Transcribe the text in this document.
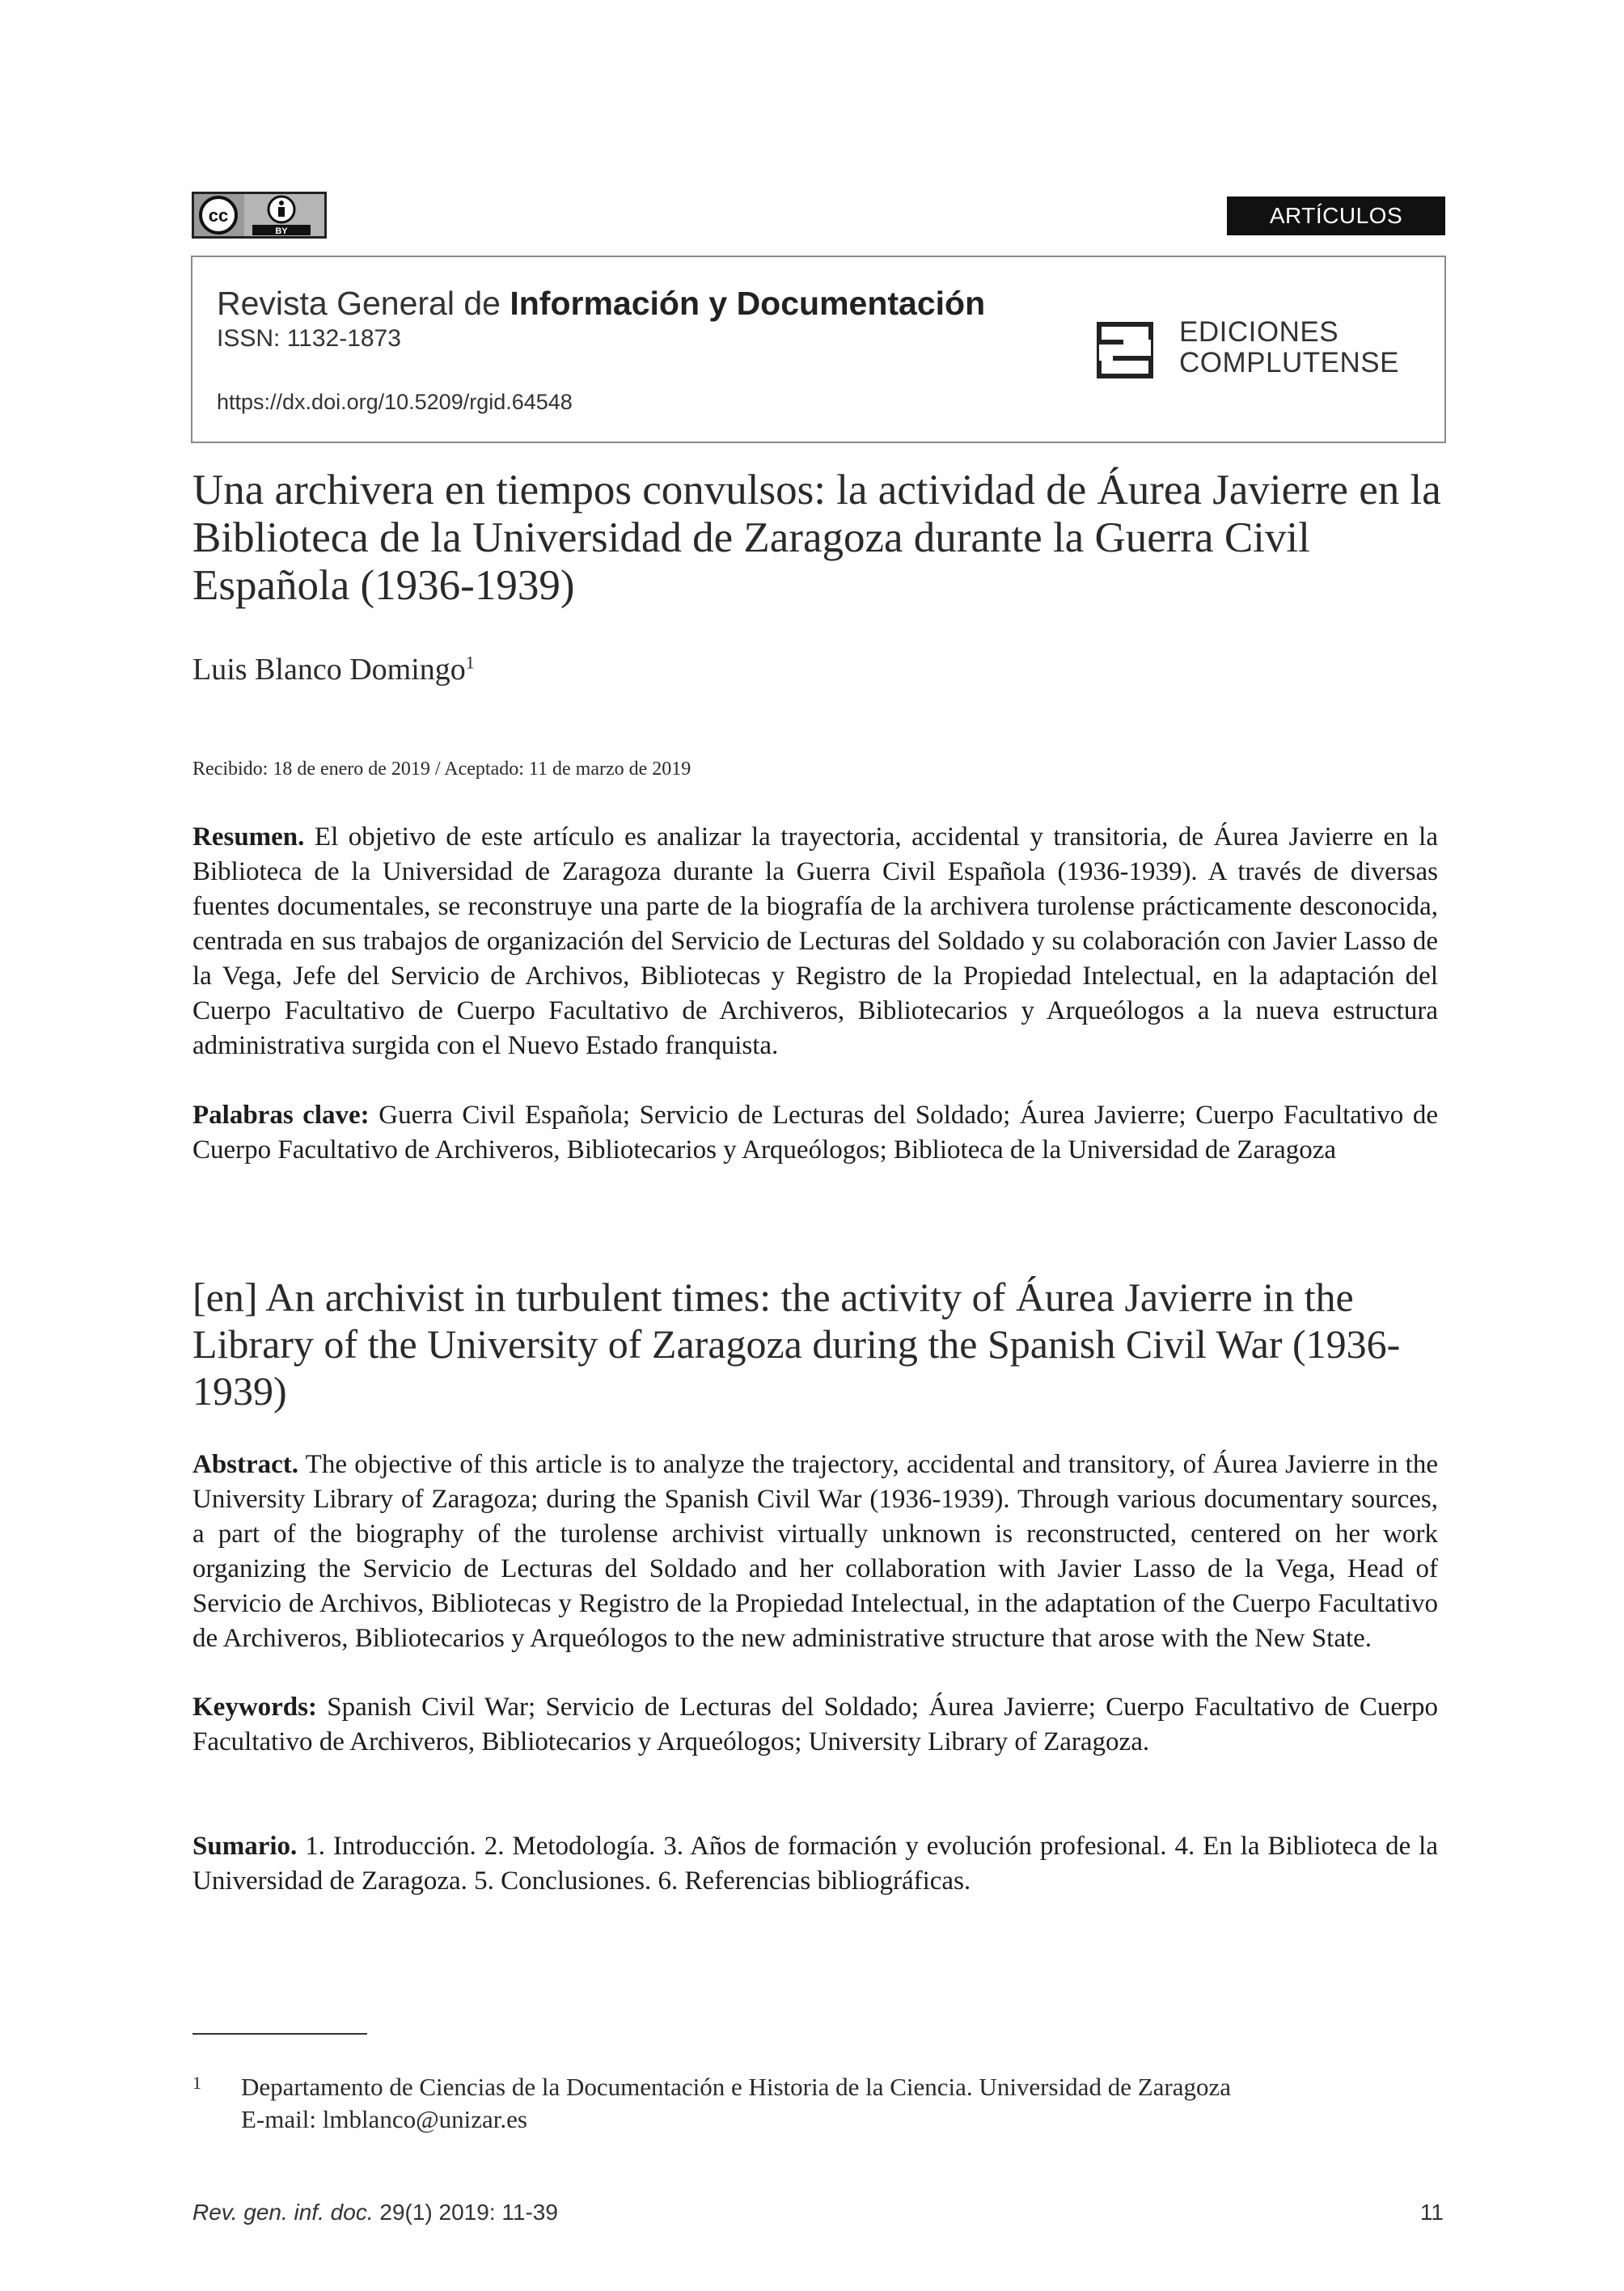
cc
BY
ARTÍCULOS
Revista General de Información y Documentación
ISSN: 1132-1873
https://dx.doi.org/10.5209/rgid.64548
EDICIONES
COMPLUTENSE
Una archivera en tiempos convulsos: la actividad de Áurea Javierre en la Biblioteca de la Universidad de Zaragoza durante la Guerra Civil Española (1936-1939)
Luis Blanco Domingo$^1$
Recibido: 18 de enero de 2019 / Aceptado: 11 de marzo de 2019
Resumen. El objetivo de este artículo es analizar la trayectoria, accidental y transitoria, de Áurea Javierre en la Biblioteca de la Universidad de Zaragoza durante la Guerra Civil Española (1936-1939). A través de diversas fuentes documentales, se reconstruye una parte de la biografía de la archivera turolense prácticamente desconocida, centrada en sus trabajos de organización del Servicio de Lecturas del Soldado y su colaboración con Javier Lasso de la Vega, Jefe del Servicio de Archivos, Bibliotecas y Registro de la Propiedad Intelectual, en la adaptación del Cuerpo Facultativo de Cuerpo Facultativo de Archiveros, Bibliotecarios y Arqueólogos a la nueva estructura administrativa surgida con el Nuevo Estado franquista.
Palabras clave: Guerra Civil Española; Servicio de Lecturas del Soldado; Áurea Javierre; Cuerpo Facultativo de Cuerpo Facultativo de Archiveros, Bibliotecarios y Arqueólogos; Biblioteca de la Universidad de Zaragoza
[en] An archivist in turbulent times: the activity of Áurea Javierre in the Library of the University of Zaragoza during the Spanish Civil War (1936-1939)
Abstract. The objective of this article is to analyze the trajectory, accidental and transitory, of Áurea Javierre in the University Library of Zaragoza; during the Spanish Civil War (1936-1939). Through various documentary sources, a part of the biography of the turolense archivist virtually unknown is reconstructed, centered on her work organizing the Servicio de Lecturas del Soldado and her collaboration with Javier Lasso de la Vega, Head of Servicio de Archivos, Bibliotecas y Registro de la Propiedad Intelectual, in the adaptation of the Cuerpo Facultativo de Archiveros, Bibliotecarios y Arqueólogos to the new administrative structure that arose with the New State.
Keywords: Spanish Civil War; Servicio de Lecturas del Soldado; Áurea Javierre; Cuerpo Facultativo de Cuerpo Facultativo de Archiveros, Bibliotecarios y Arqueólogos; University Library of Zaragoza.
Sumario. 1. Introducción. 2. Metodología. 3. Años de formación y evolución profesional. 4. En la Biblioteca de la Universidad de Zaragoza. 5. Conclusiones. 6. Referencias bibliográficas.
1 Departamento de Ciencias de la Documentación e Historia de la Ciencia. Universidad de Zaragoza
E-mail: lmblanco@unizar.es
Rev. gen. inf. doc. 29(1) 2019: 11-39	11
